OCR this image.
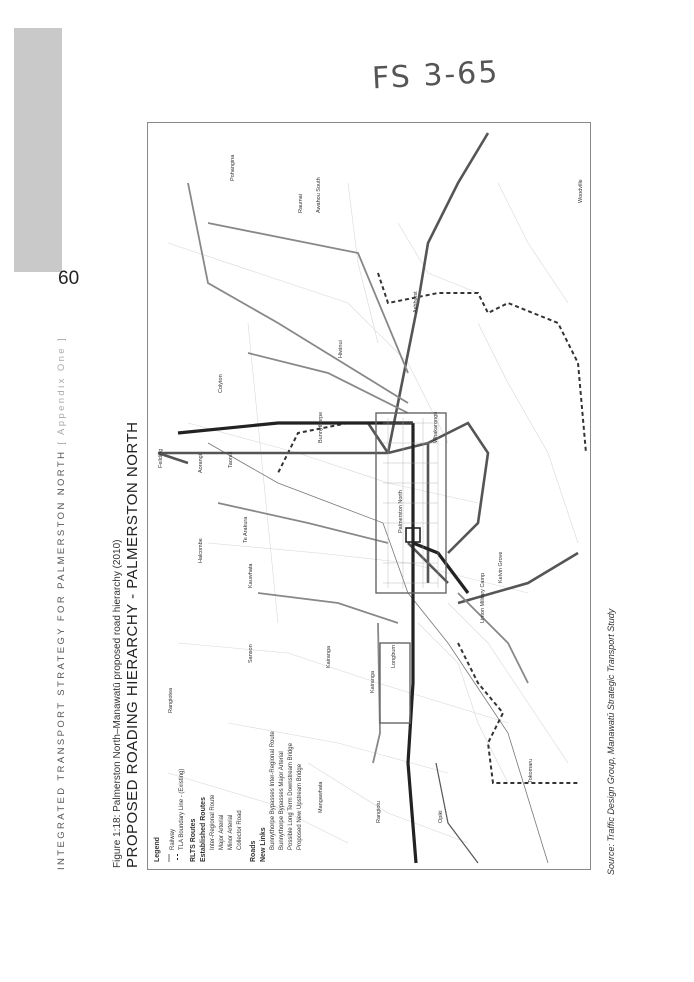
60
FS 3-65
INTEGRATED TRANSPORT STRATEGY FOR PALMERSTON NORTH [ Appendix One ]
Figure 1:18: Palmerston North–Manawatū proposed road hierarchy (2010) PROPOSED ROADING HIERARCHY - PALMERSTON NORTH	Source: Traffic Design Group, Manawatū Strategic Transport Study
Pohangina
Raumai Awahou South	Woodville
Ashhurst
Hiwinui
Colyton
Bunnythorpe
Feilding	Aorangi	Taonui
Te Arakura
Halcombe
Kairanga
Kauwhata
Sanson
Palmerston North
Whakarongo
Linton Military Camp
Longburn
Kairanga
Rangiotea
Mangawhata	Rangiotu	Opiki
Tokomaru
Kelvin Grove
Legend Railway TLA Boundary Line - (Existing) RLTS Routes Established Routes Inter-Regional Route Major Arterial Minor Arterial Collector Road
Roads New Links Bunnythorpe Bypasses Inter-Regional Route Bunnythorpe Bypasses Major Arterial Possible Long Term Downstream Bridge Proposed New Upstream Bridge
